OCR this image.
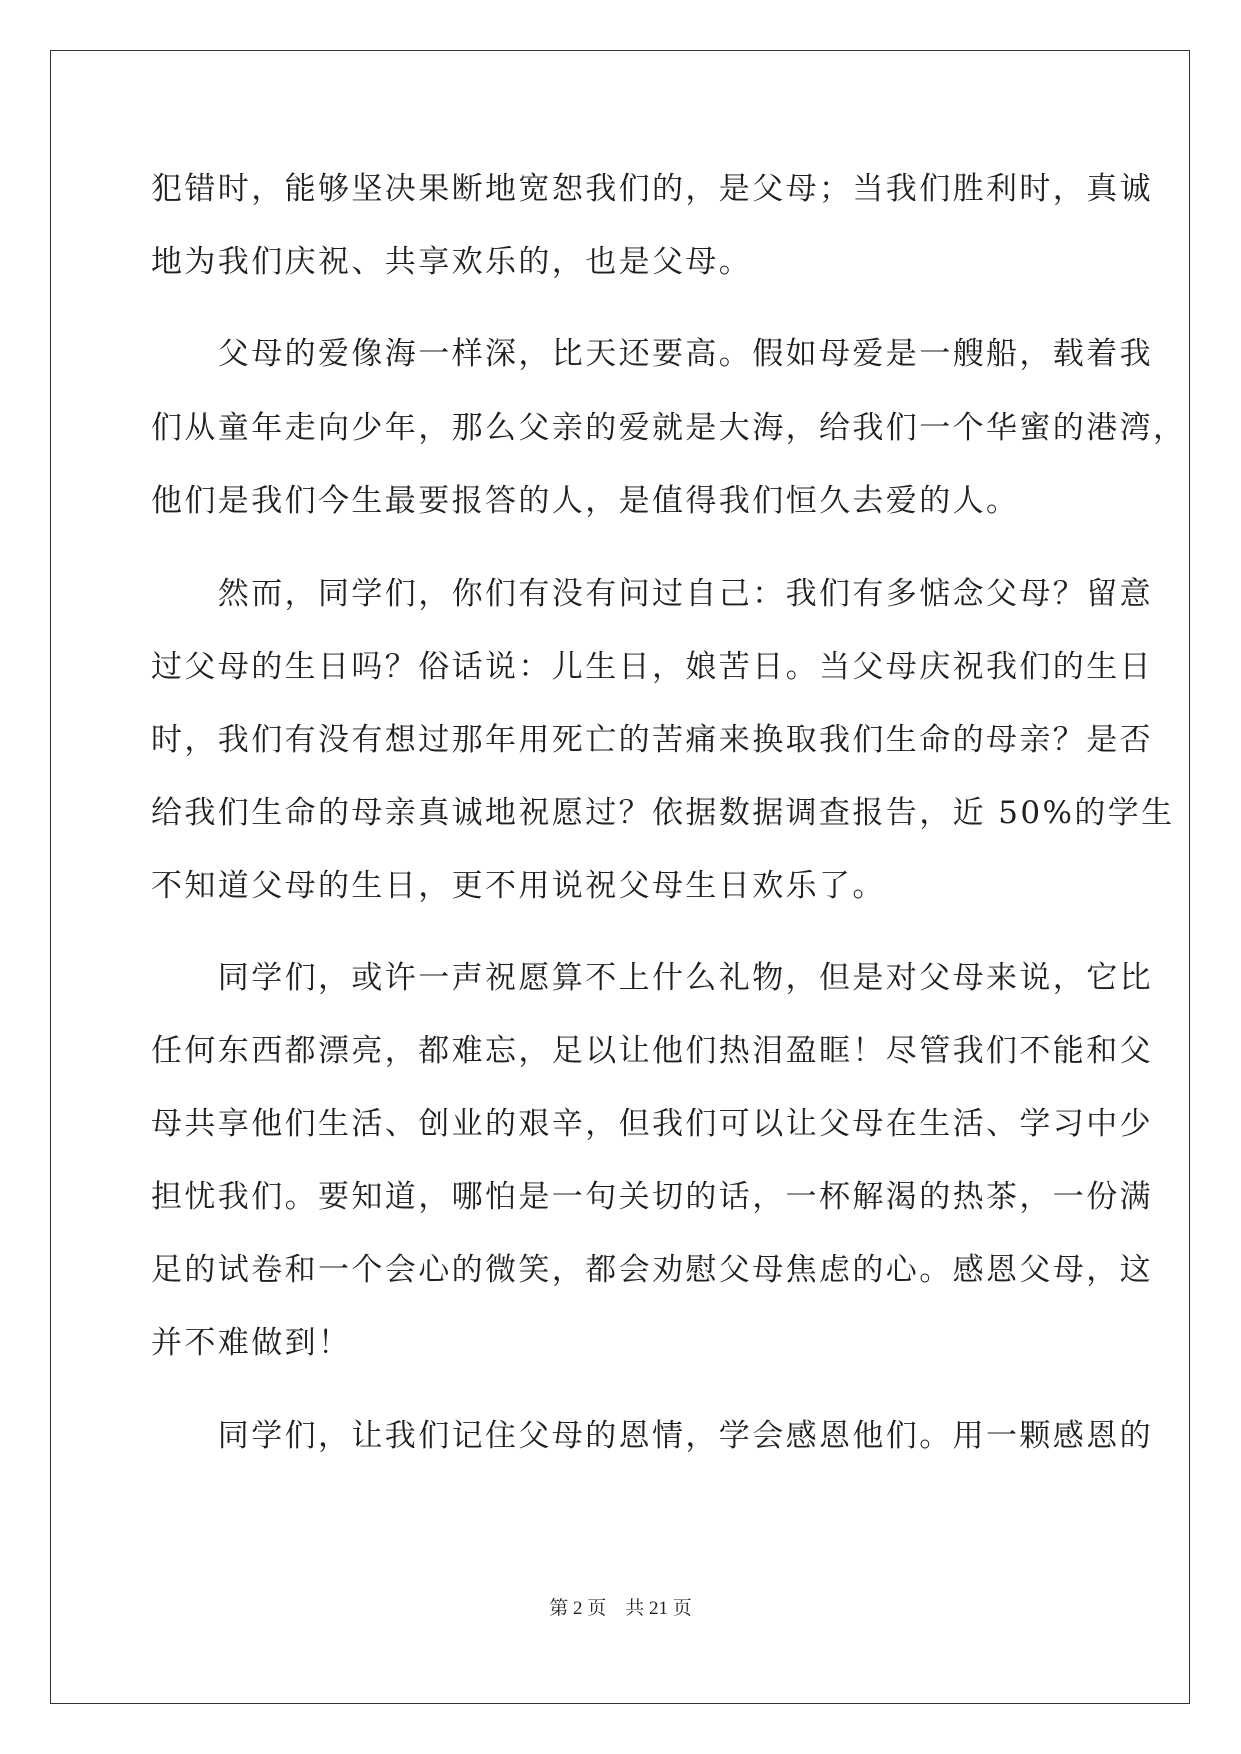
犯错时，能够坚决果断地宽恕我们的，是父母；当我们胜利时，真诚

地为我们庆祝、共享欢乐的，也是父母。

　　父母的爱像海一样深，比天还要高。假如母爱是一艘船，载着我

们从童年走向少年，那么父亲的爱就是大海，给我们一个华蜜的港湾，

他们是我们今生最要报答的人，是值得我们恒久去爱的人。

　　然而，同学们，你们有没有问过自己：我们有多惦念父母？留意

过父母的生日吗？俗话说：儿生日，娘苦日。当父母庆祝我们的生日

时，我们有没有想过那年用死亡的苦痛来换取我们生命的母亲？是否

给我们生命的母亲真诚地祝愿过？依据数据调查报告，近 50%的学生

不知道父母的生日，更不用说祝父母生日欢乐了。

　　同学们，或许一声祝愿算不上什么礼物，但是对父母来说，它比

任何东西都漂亮，都难忘，足以让他们热泪盈眶！尽管我们不能和父

母共享他们生活、创业的艰辛，但我们可以让父母在生活、学习中少

担忧我们。要知道，哪怕是一句关切的话，一杯解渴的热茶，一份满

足的试卷和一个会心的微笑，都会劝慰父母焦虑的心。感恩父母，这

并不难做到！

　　同学们，让我们记住父母的恩情，学会感恩他们。用一颗感恩的

第 2 页　共 21 页
